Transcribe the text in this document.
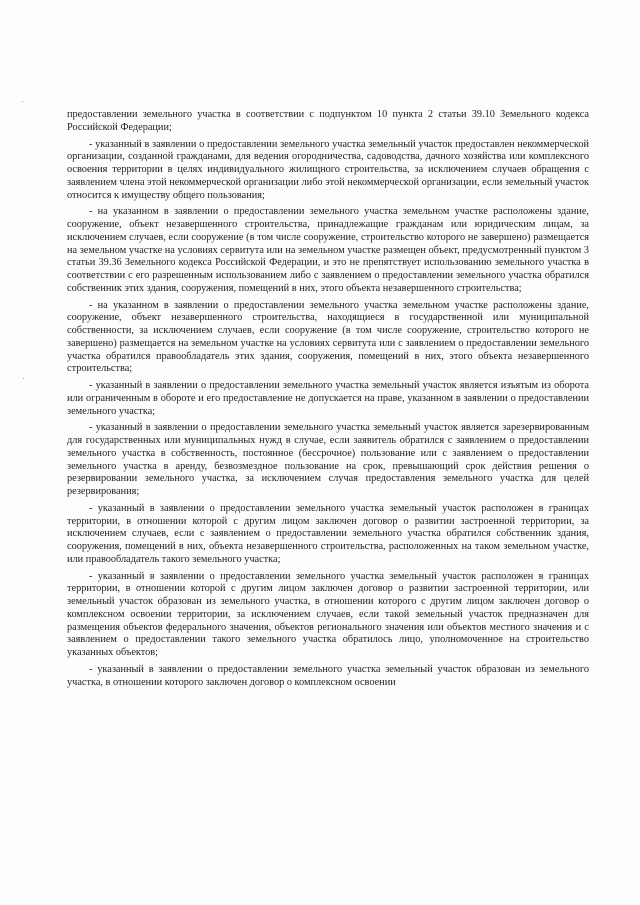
предоставлении земельного участка в соответствии с подпунктом 10 пункта 2 статьи 39.10 Земельного кодекса Российской Федерации;

- указанный в заявлении о предоставлении земельного участка земельный участок предоставлен некоммерческой организации, созданной гражданами, для ведения огородничества, садоводства, дачного хозяйства или комплексного освоения территории в целях индивидуального жилищного строительства, за исключением случаев обращения с заявлением члена этой некоммерческой организации либо этой некоммерческой организации, если земельный участок относится к имуществу общего пользования;

- на указанном в заявлении о предоставлении земельного участка земельном участке расположены здание, сооружение, объект незавершенного строительства, принадлежащие гражданам или юридическим лицам, за исключением случаев, если сооружение (в том числе сооружение, строительство которого не завершено) размещается на земельном участке на условиях сервитута или на земельном участке размещен объект, предусмотренный пунктом 3 статьи 39.36 Земельного кодекса Российской Федерации, и это не препятствует использованию земельного участка в соответствии с его разрешенным использованием либо с заявлением о предоставлении земельного участка обратился собственник этих здания, сооружения, помещений в них, этого объекта незавершенного строительства;

- на указанном в заявлении о предоставлении земельного участка земельном участке расположены здание, сооружение, объект незавершенного строительства, находящиеся в государственной или муниципальной собственности, за исключением случаев, если сооружение (в том числе сооружение, строительство которого не завершено) размещается на земельном участке на условиях сервитута или с заявлением о предоставлении земельного участка обратился правообладатель этих здания, сооружения, помещений в них, этого объекта незавершенного строительства;

- указанный в заявлении о предоставлении земельного участка земельный участок является изъятым из оборота или ограниченным в обороте и его предоставление не допускается на праве, указанном в заявлении о предоставлении земельного участка;

- указанный в заявлении о предоставлении земельного участка земельный участок является зарезервированным для государственных или муниципальных нужд в случае, если заявитель обратился с заявлением о предоставлении земельного участка в собственность, постоянное (бессрочное) пользование или с заявлением о предоставлении земельного участка в аренду, безвозмездное пользование на срок, превышающий срок действия решения о резервировании земельного участка, за исключением случая предоставления земельного участка для целей резервирования;

- указанный в заявлении о предоставлении земельного участка земельный участок расположен в границах территории, в отношении которой с другим лицом заключен договор о развитии застроенной территории, за исключением случаев, если с заявлением о предоставлении земельного участка обратился собственник здания, сооружения, помещений в них, объекта незавершенного строительства, расположенных на таком земельном участке, или правообладатель такого земельного участка;

- указанный в заявлении о предоставлении земельного участка земельный участок расположен в границах территории, в отношении которой с другим лицом заключен договор о развитии застроенной территории, или земельный участок образован из земельного участка, в отношении которого с другим лицом заключен договор о комплексном освоении территории, за исключением случаев, если такой земельный участок предназначен для размещения объектов федерального значения, объектов регионального значения или объектов местного значения и с заявлением о предоставлении такого земельного участка обратилось лицо, уполномоченное на строительство указанных объектов;

- указанный в заявлении о предоставлении земельного участка земельный участок образован из земельного участка, в отношении которого заключен договор о комплексном освоении
